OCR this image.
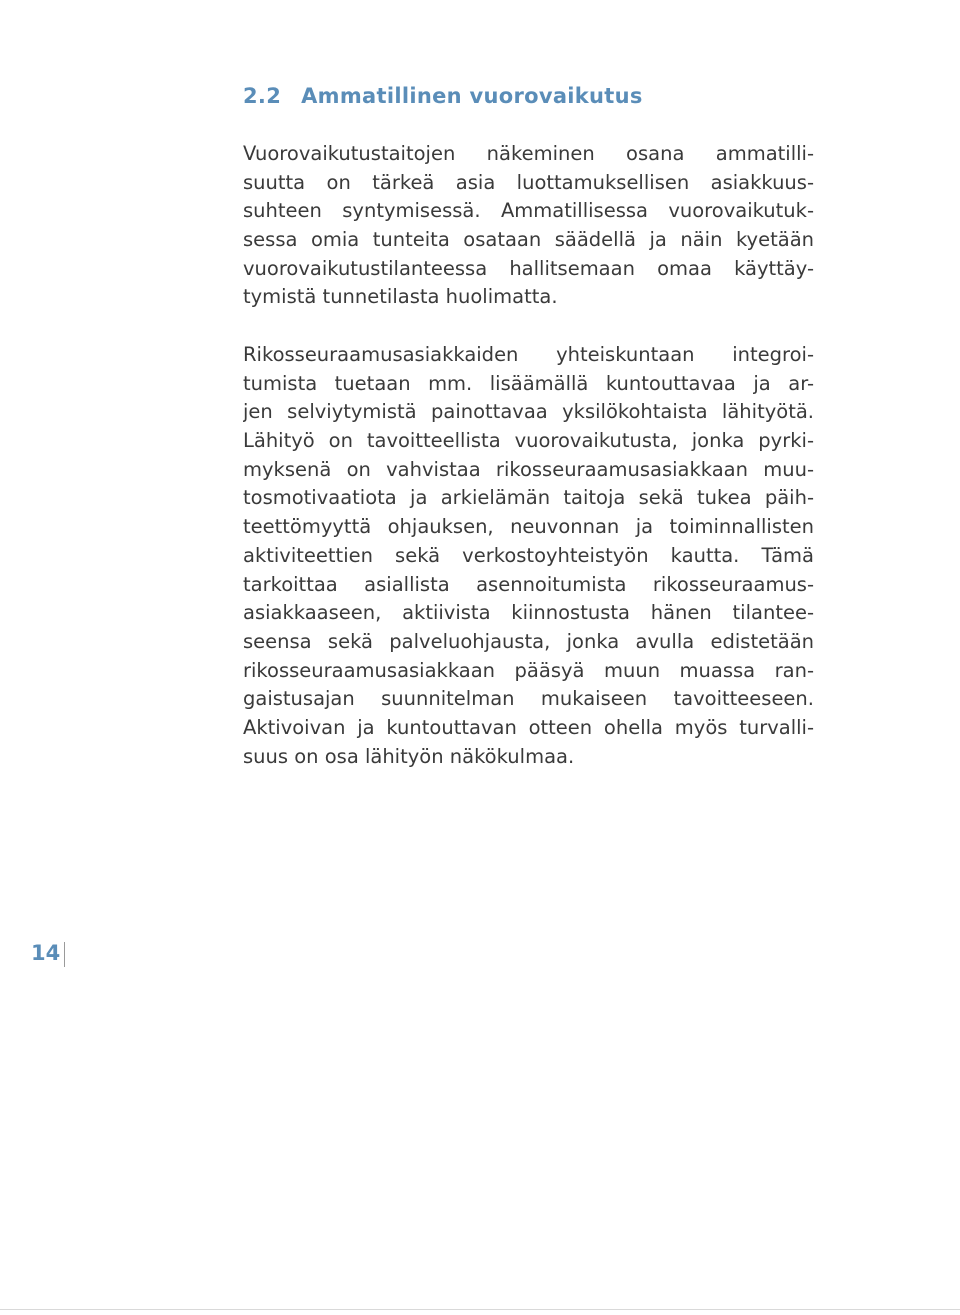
2.2 Ammatillinen vuorovaikutus
Vuorovaikutustaitojen näkeminen osana ammatilli-
suutta on tärkeä asia luottamuksellisen asiakkuus-
suhteen syntymisessä. Ammatillisessa vuorovaikutuk-
sessa omia tunteita osataan säädellä ja näin kyetään
vuorovaikutustilanteessa hallitsemaan omaa käyttäy-
tymistä tunnetilasta huolimatta.
Rikosseuraamusasiakkaiden yhteiskuntaan integroi-
tumista tuetaan mm. lisäämällä kuntouttavaa ja ar-
jen selviytymistä painottavaa yksilökohtaista lähityötä.
Lähityö on tavoitteellista vuorovaikutusta, jonka pyrki-
myksenä on vahvistaa rikosseuraamusasiakkaan muu-
tosmotivaatiota ja arkielämän taitoja sekä tukea päih-
teettömyyttä ohjauksen, neuvonnan ja toiminnallisten
aktiviteettien sekä verkostoyhteistyön kautta. Tämä
tarkoittaa asiallista asennoitumista rikosseuraamus-
asiakkaaseen, aktiivista kiinnostusta hänen tilantee-
seensa sekä palveluohjausta, jonka avulla edistetään
rikosseuraamusasiakkaan pääsyä muun muassa ran-
gaistusajan suunnitelman mukaiseen tavoitteeseen.
Aktivoivan ja kuntouttavan otteen ohella myös turvalli-
suus on osa lähityön näkökulmaa.

14
